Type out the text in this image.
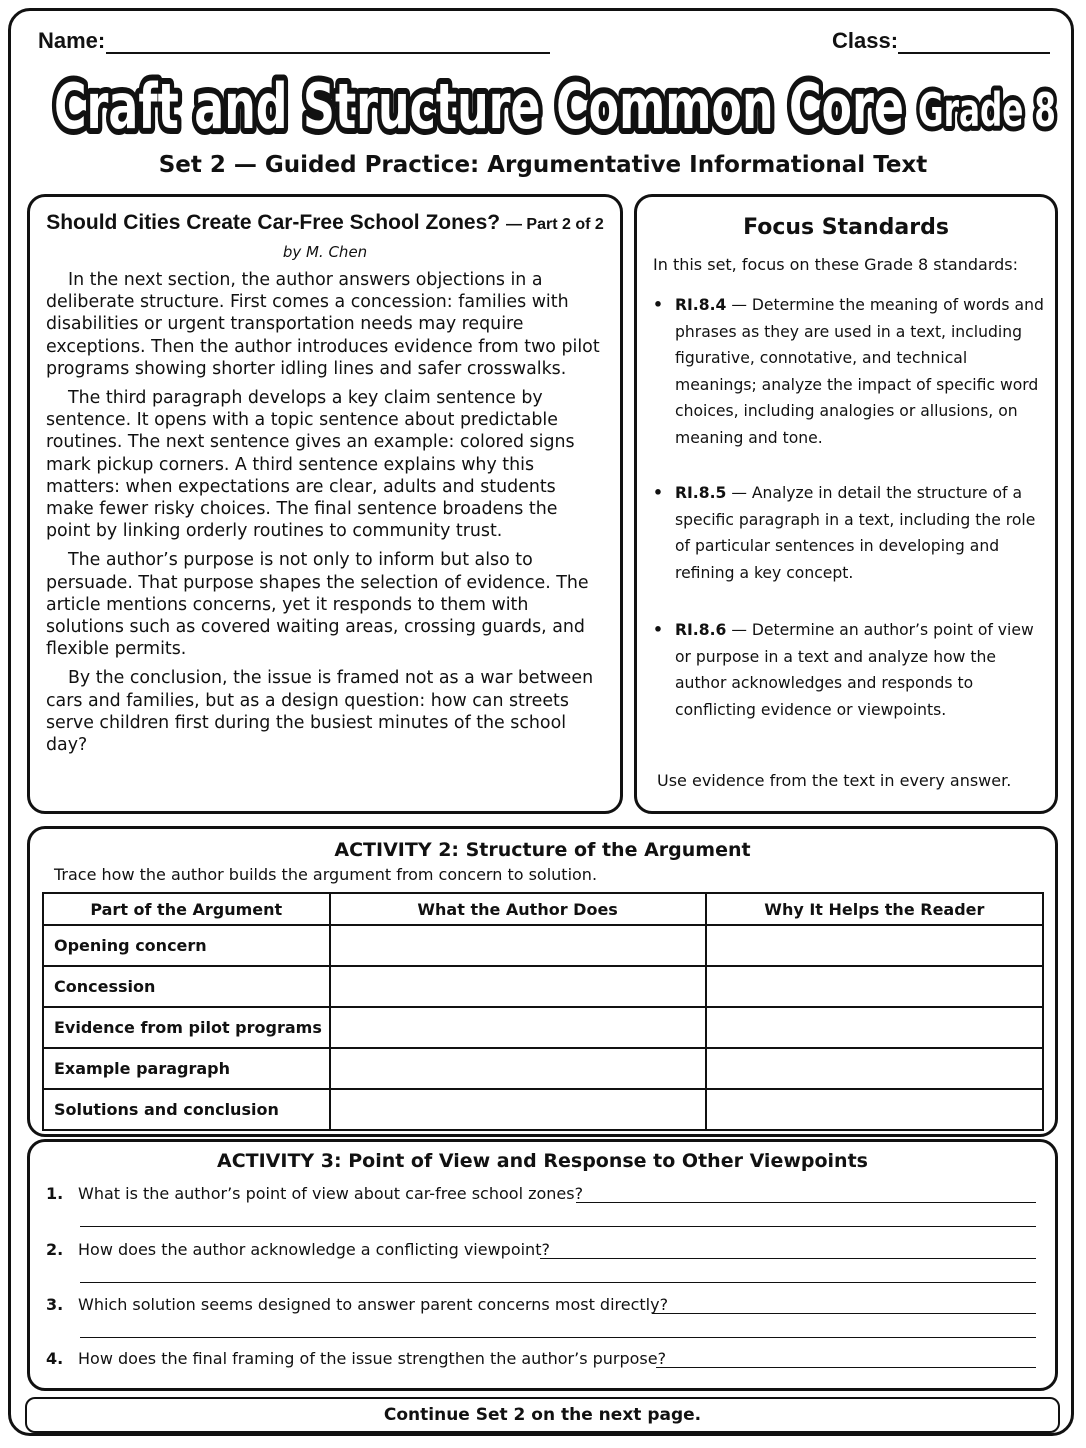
Name:	Class:
Craft and Structure Common Core
Craft and Structure Common Core Grade 8
Grade 8
Set 2 — Guided Practice: Argumentative Informational Text
Should Cities Create Car-Free School Zones? — Part 2 of 2
by M. Chen

In the next section, the author answers objections in a deliberate structure. First comes a concession: families with disabilities or urgent transportation needs may require exceptions. Then the author introduces evidence from two pilot programs showing shorter idling lines and safer crosswalks.

The third paragraph develops a key claim sentence by sentence. It opens with a topic sentence about predictable routines. The next sentence gives an example: colored signs mark pickup corners. A third sentence explains why this matters: when expectations are clear, adults and students make fewer risky choices. The final sentence broadens the point by linking orderly routines to community trust.

The author’s purpose is not only to inform but also to persuade. That purpose shapes the selection of evidence. The article mentions concerns, yet it responds to them with solutions such as covered waiting areas, crossing guards, and flexible permits.

By the conclusion, the issue is framed not as a war between cars and families, but as a design question: how can streets serve children first during the busiest minutes of the school day?

Focus Standards
In this set, focus on these Grade 8 standards:
• RI.8.4 — Determine the meaning of words and phrases as they are used in a text, including figurative, connotative, and technical meanings; analyze the impact of specific word choices, including analogies or allusions, on meaning and tone.
• RI.8.5 — Analyze in detail the structure of a specific paragraph in a text, including the role of particular sentences in developing and refining a key concept.
• RI.8.6 — Determine an author’s point of view or purpose in a text and analyze how the author acknowledges and responds to conflicting evidence or viewpoints.
Use evidence from the text in every answer.
ACTIVITY 2: Structure of the Argument
Trace how the author builds the argument from concern to solution.
Part of the Argument	What the Author Does	Why It Helps the Reader
Opening concern		
Concession		
Evidence from pilot programs		
Example paragraph		
Solutions and conclusion		
ACTIVITY 3: Point of View and Response to Other Viewpoints
1. What is the author’s point of view about car-free school zones?
2. How does the author acknowledge a conflicting viewpoint?
3. Which solution seems designed to answer parent concerns most directly?
4. How does the final framing of the issue strengthen the author’s purpose?
Continue Set 2 on the next page.
